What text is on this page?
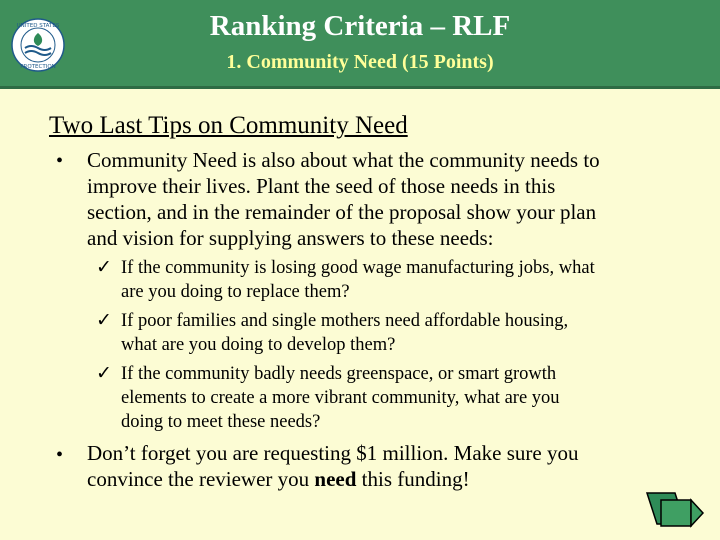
UNITED STATES
PROTECTION
Ranking Criteria – RLF
1. Community Need (15 Points)
Two Last Tips on Community Need
• Community Need is also about what the community needs to

improve their lives. Plant the seed of those needs in this

section, and in the remainder of the proposal show your plan

and vision for supplying answers to these needs:

✓ If the community is losing good wage manufacturing jobs, what

are you doing to replace them?

✓ If poor families and single mothers need affordable housing,

what are you doing to develop them?

✓ If the community badly needs greenspace, or smart growth

elements to create a more vibrant community, what are you

doing to meet these needs?

• Don’t forget you are requesting $1 million. Make sure you

convince the reviewer you need this funding!
